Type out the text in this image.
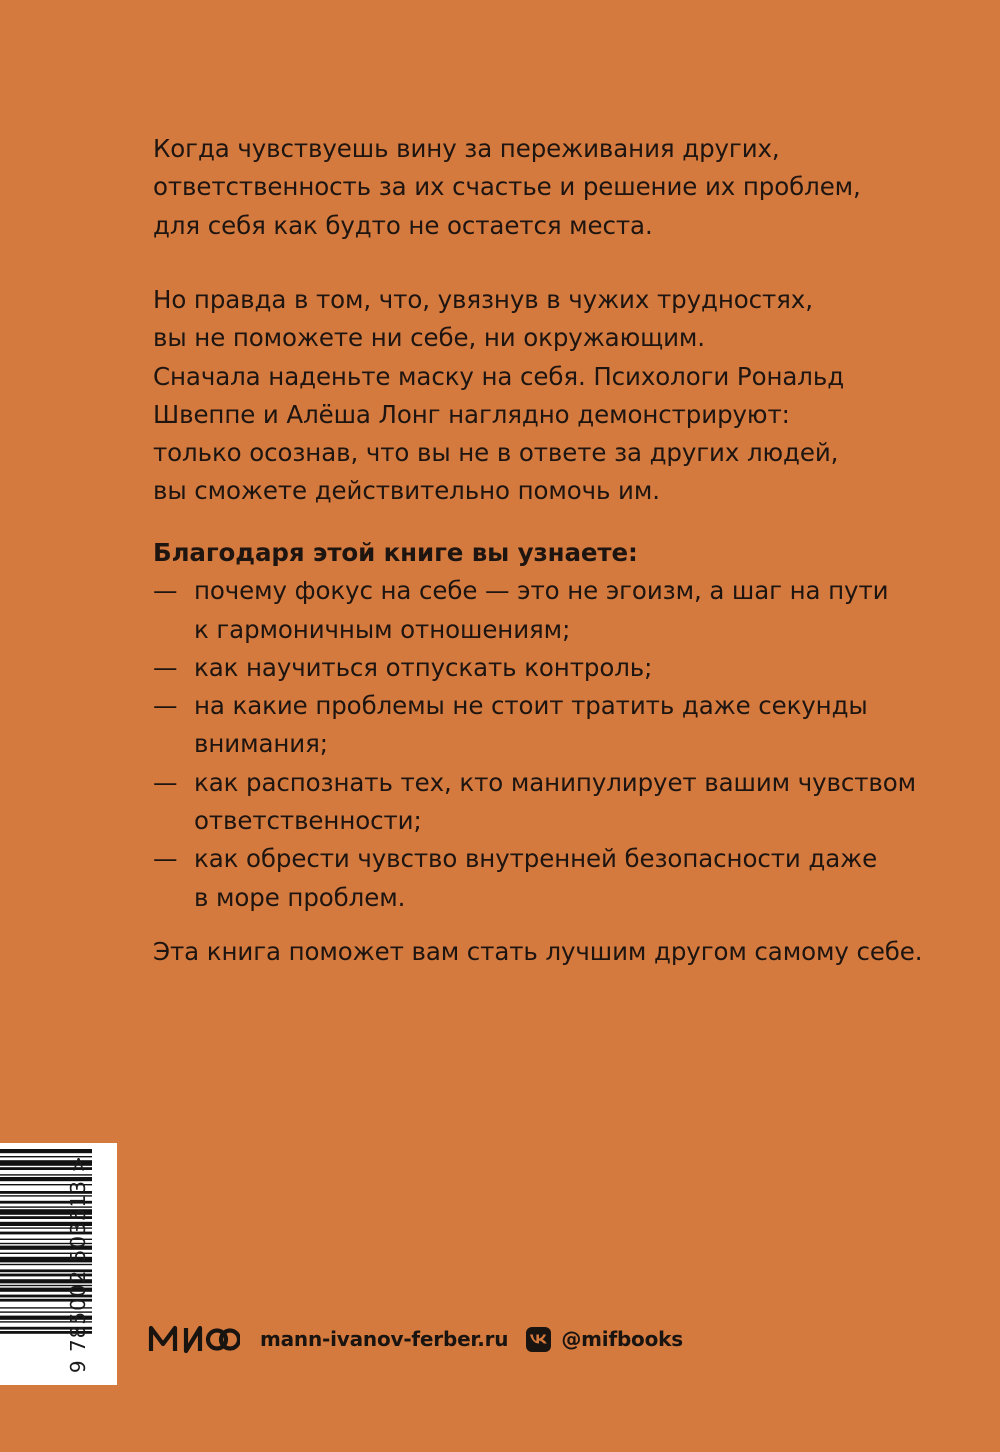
Когда чувствуешь вину за переживания других,
ответственность за их счастье и решение их проблем,
для себя как будто не остается места.
Но правда в том, что, увязнув в чужих трудностях,
вы не поможете ни себе, ни окружающим.
Сначала наденьте маску на себя. Психологи Рональд
Швеппе и Алёша Лонг наглядно демонстрируют:
только осознав, что вы не в ответе за других людей,
вы сможете действительно помочь им.
Благодаря этой книге вы узнаете:
— почему фокус на себе — это не эгоизм, а шаг на пути
к гармоничным отношениям;
— как научиться отпускать контроль;
— на какие проблемы не стоит тратить даже секунды
внимания;
— как распознать тех, кто манипулирует вашим чувством
ответственности;
— как обрести чувство внутренней безопасности даже
в море проблем.
Эта книга поможет вам стать лучшим другом самому себе.
9 785002 503513 >	mann-ivanov-ferber.ru	@mifbooks
